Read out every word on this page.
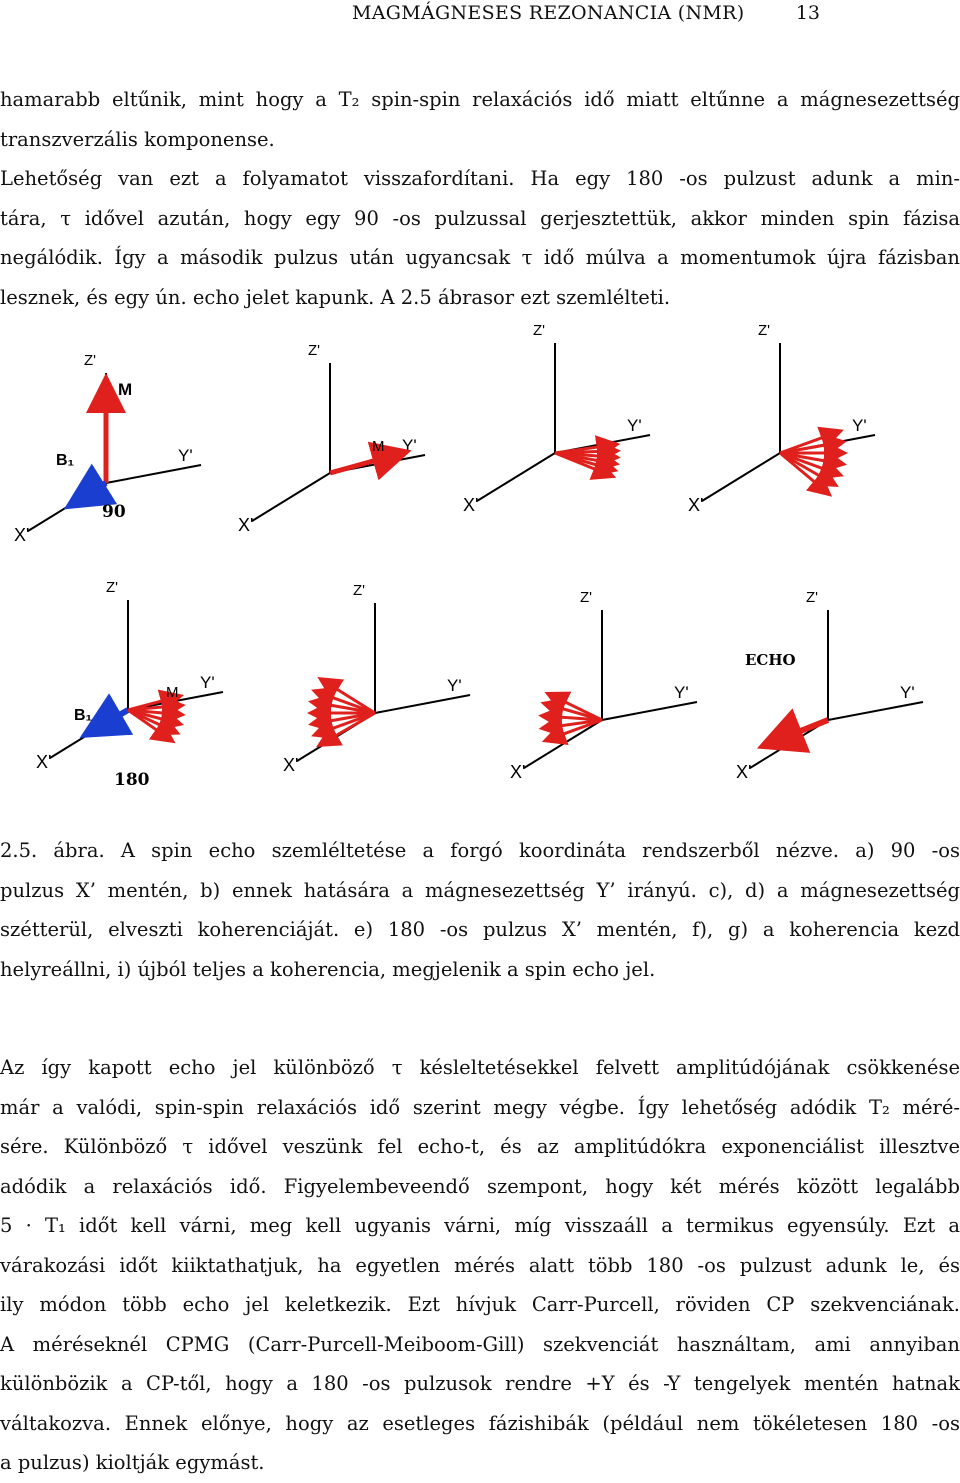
MAGMÁGNESES REZONANCIA (NMR)	13

hamarabb eltűnik, mint hogy a T₂ spin-spin relaxációs idő miatt eltűnne a mágnesezettség
transzverzális komponense.

Lehetőség van ezt a folyamatot visszafordítani. Ha egy 180 -os pulzust adunk a min-
tára, τ idővel azután, hogy egy 90 -os pulzussal gerjesztettük, akkor minden spin fázisa
negálódik. Így a második pulzus után ugyancsak τ idő múlva a momentumok újra fázisban
lesznek, és egy ún. echo jelet kapunk. A 2.5 ábrasor ezt szemlélteti.

Z'
Y'
X'
M
B₁
90
Z'
Y'
X'
M
Z'
Y'
X'
Z'
Y'
X'
Z'
Y'
X'
B₁
M
180
Z'
Y'
X'
Z'
Y'
X'
Z'
Y'
X'
ECHO

2.5. ábra. A spin echo szemléltetése a forgó koordináta rendszerből nézve. a) 90 -os
pulzus X’ mentén, b) ennek hatására a mágnesezettség Y’ irányú. c), d) a mágnesezettség
szétterül, elveszti koherenciáját. e) 180 -os pulzus X’ mentén, f), g) a koherencia kezd
helyreállni, i) újból teljes a koherencia, megjelenik a spin echo jel.

Az így kapott echo jel különböző τ késleltetésekkel felvett amplitúdójának csökkenése
már a valódi, spin-spin relaxációs idő szerint megy végbe. Így lehetőség adódik T₂ méré-
sére. Különböző τ idővel veszünk fel echo-t, és az amplitúdókra exponenciálist illesztve
adódik a relaxációs idő. Figyelembeveendő szempont, hogy két mérés között legalább
5 · T₁ időt kell várni, meg kell ugyanis várni, míg visszaáll a termikus egyensúly. Ezt a
várakozási időt kiiktathatjuk, ha egyetlen mérés alatt több 180 -os pulzust adunk le, és
ily módon több echo jel keletkezik. Ezt hívjuk Carr-Purcell, röviden CP szekvenciának.
A méréseknél CPMG (Carr-Purcell-Meiboom-Gill) szekvenciát használtam, ami annyiban
különbözik a CP-től, hogy a 180 -os pulzusok rendre +Y és -Y tengelyek mentén hatnak
váltakozva. Ennek előnye, hogy az esetleges fázishibák (például nem tökéletesen 180 -os
a pulzus) kioltják egymást.
